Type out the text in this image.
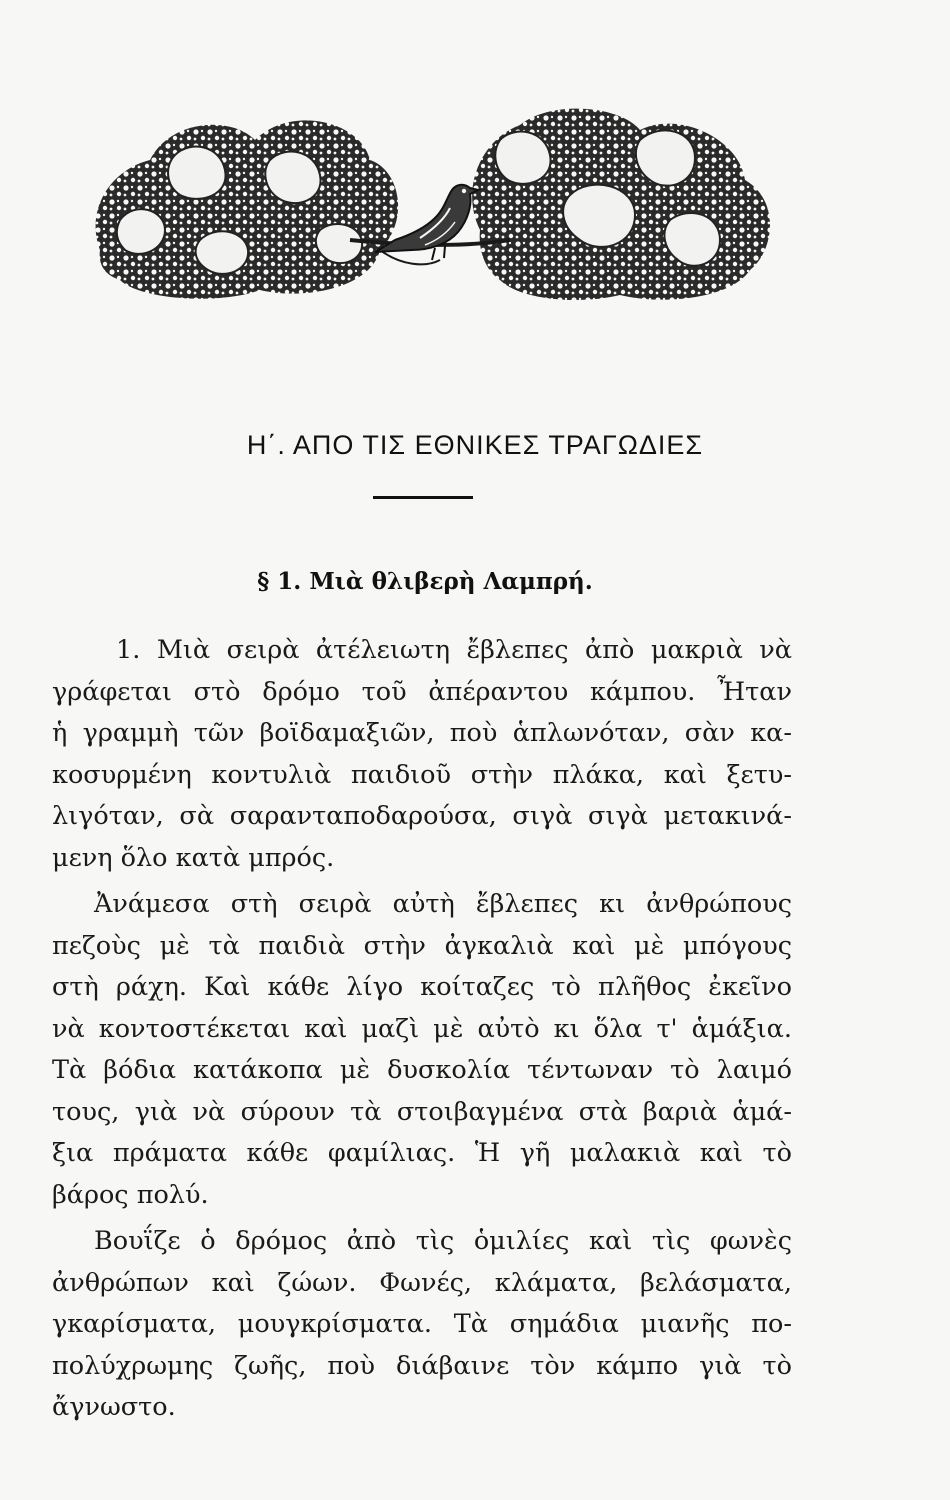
Η΄. ΑΠΟ ΤΙΣ ΕΘΝΙΚΕΣ ΤΡΑΓΩΔΙΕΣ
§ 1. Μιὰ θλιβερὴ Λαμπρή.
1. Μιὰ σειρὰ ἀτέλειωτη ἔβλεπες ἀπὸ μακριὰ νὰ
γράφεται στὸ δρόμο τοῦ ἀπέραντου κάμπου. Ἦταν
ἡ γραμμὴ τῶν βοϊδαμαξιῶν, ποὺ ἁπλωνόταν, σὰν κα-
κοσυρμένη κοντυλιὰ παιδιοῦ στὴν πλάκα, καὶ ξετυ-
λιγόταν, σὰ σαρανταποδαρούσα, σιγὰ σιγὰ μετακινά-
μενη ὅλο κατὰ μπρός.
Ἀνάμεσα στὴ σειρὰ αὐτὴ ἔβλεπες κι ἀνθρώπους
πεζοὺς μὲ τὰ παιδιὰ στὴν ἀγκαλιὰ καὶ μὲ μπόγους
στὴ ράχη. Καὶ κάθε λίγο κοίταζες τὸ πλῆθος ἐκεῖνο
νὰ κοντοστέκεται καὶ μαζὶ μὲ αὐτὸ κι ὅλα τ' ἁμάξια.
Τὰ βόδια κατάκοπα μὲ δυσκολία τέντωναν τὸ λαιμό
τους, γιὰ νὰ σύρουν τὰ στοιβαγμένα στὰ βαριὰ ἁμά-
ξια πράματα κάθε φαμίλιας. Ἡ γῆ μαλακιὰ καὶ τὸ
βάρος πολύ.
Βουΐζε ὁ δρόμος ἀπὸ τὶς ὁμιλίες καὶ τὶς φωνὲς
ἀνθρώπων καὶ ζώων. Φωνές, κλάματα, βελάσματα,
γκαρίσματα, μουγκρίσματα. Τὰ σημάδια μιανῆς πο-
πολύχρωμης ζωῆς, ποὺ διάβαινε τὸν κάμπο γιὰ τὸ
ἄγνωστο.
